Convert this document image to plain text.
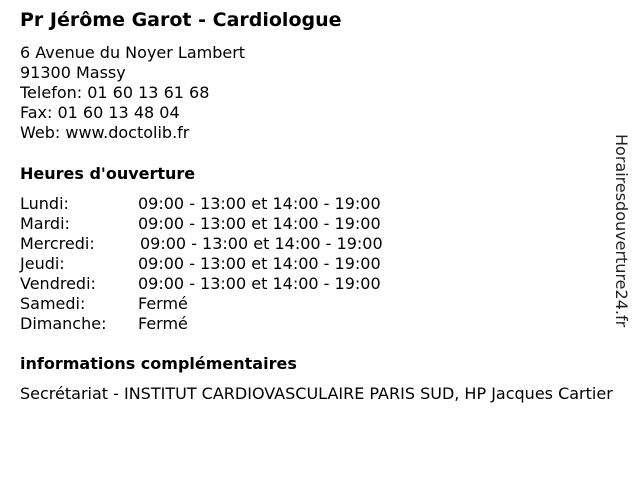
Pr Jérôme Garot - Cardiologue
6 Avenue du Noyer Lambert
91300 Massy
Telefon: 01 60 13 61 68
Fax: 01 60 13 48 04
Web: www.doctolib.fr
Heures d'ouverture
Lundi:	09:00 - 13:00 et 14:00 - 19:00
Mardi:	09:00 - 13:00 et 14:00 - 19:00
Mercredi:	09:00 - 13:00 et 14:00 - 19:00
Jeudi:	09:00 - 13:00 et 14:00 - 19:00
Vendredi:	09:00 - 13:00 et 14:00 - 19:00
Samedi:	Fermé
Dimanche: Fermé
informations complémentaires
Secrétariat - INSTITUT CARDIOVASCULAIRE PARIS SUD, HP Jacques Cartier
Horairesdouverture24.fr
